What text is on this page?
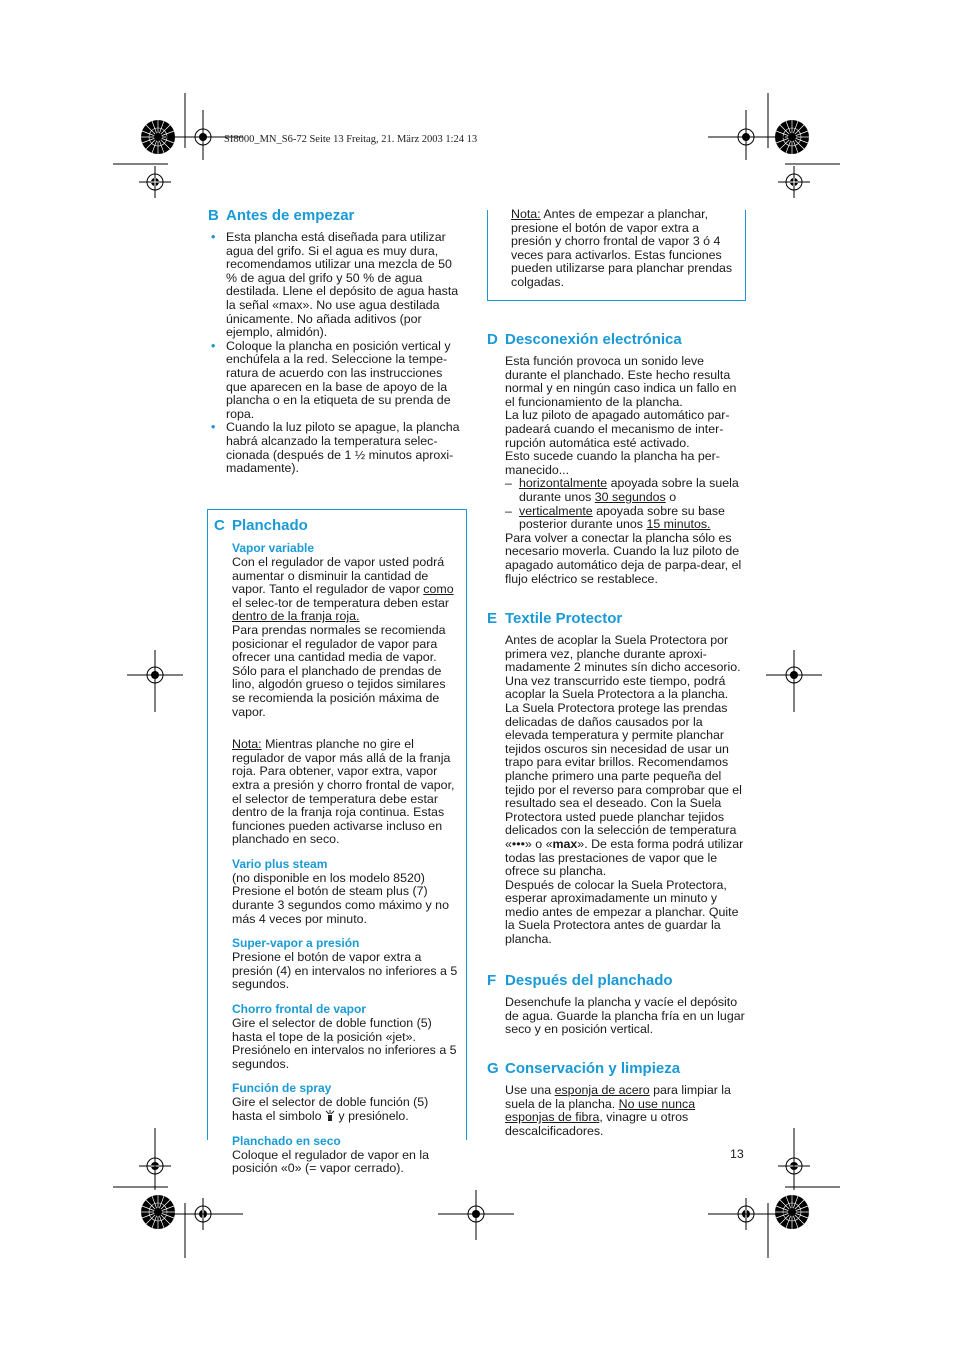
SI8000_MN_S6-72 Seite 13 Freitag, 21. März 2003 1:24 13
B Antes de empezar
• Esta plancha está diseñada para utilizar agua del grifo. Si el agua es muy dura, recomendamos utilizar una mezcla de 50 % de agua del grifo y 50 % de agua destilada. Llene el depósito de agua hasta la señal «max». No use agua destilada únicamente. No añada aditivos (por ejemplo, almidón).
• Coloque la plancha en posición vertical y enchúfela a la red. Seleccione la tempe-ratura de acuerdo con las instrucciones que aparecen en la base de apoyo de la plancha o en la etiqueta de su prenda de ropa.
• Cuando la luz piloto se apague, la plancha habrá alcanzado la temperatura selec-cionada (después de 1 ½ minutos aproxi-madamente).
C Planchado
Vapor variable

Con el regulador de vapor usted podrá aumentar o disminuir la cantidad de vapor. Tanto el regulador de vapor como el selec-tor de temperatura deben estar dentro de la franja roja.

Para prendas normales se recomienda posicionar el regulador de vapor para ofrecer una cantidad media de vapor. Sólo para el planchado de prendas de lino, algodón grueso o tejidos similares se recomienda la posición máxima de vapor.

Nota: Mientras planche no gire el regulador de vapor más allá de la franja roja. Para obtener, vapor extra, vapor extra a presión y chorro frontal de vapor, el selector de temperatura debe estar dentro de la franja roja continua. Estas funciones pueden activarse incluso en planchado en seco.

Vario plus steam

(no disponible en los modelo 8520) Presione el botón de steam plus (7) durante 3 segundos como máximo y no más 4 veces por minuto.

Super-vapor a presión

Presione el botón de vapor extra a presión (4) en intervalos no inferiores a 5 segundos.

Chorro frontal de vapor

Gire el selector de doble function (5) hasta el tope de la posición «jet». Presiónelo en intervalos no inferiores a 5 segundos.

Función de spray

Gire el selector de doble función (5) hasta el simbolo  y presiónelo.

Planchado en seco

Coloque el regulador de vapor en la posición «0» (= vapor cerrado).

Nota: Antes de empezar a planchar, presione el botón de vapor extra a presión y chorro frontal de vapor 3 ó 4 veces para activarlos. Estas funciones pueden utilizarse para planchar prendas colgadas.

D Desconexión electrónica

Esta función provoca un sonido leve durante el planchado. Este hecho resulta normal y en ningún caso indica un fallo en el funcionamiento de la plancha.

La luz piloto de apagado automático par-padeará cuando el mecanismo de inter-rupción automática esté activado.

Esto sucede cuando la plancha ha per-manecido...

– horizontalmente apoyada sobre la suela durante unos 30 segundos o
– verticalmente apoyada sobre su base posterior durante unos 15 minutos.

Para volver a conectar la plancha sólo es necesario moverla. Cuando la luz piloto de apagado automático deja de parpa-dear, el flujo eléctrico se restablece.

E Textile Protector

Antes de acoplar la Suela Protectora por primera vez, planche durante aproxi-madamente 2 minutes sín dicho accesorio. Una vez transcurrido este tiempo, podrá acoplar la Suela Protectora a la plancha. La Suela Protectora protege las prendas delicadas de daños causados por la elevada temperatura y permite planchar tejidos oscuros sin necesidad de usar un trapo para evitar brillos. Recomendamos planche primero una parte pequeña del tejido por el reverso para comprobar que el resultado sea el deseado. Con la Suela Protectora usted puede planchar tejidos delicados con la selección de temperatura «•••» o «max». De esta forma podrá utilizar todas las prestaciones de vapor que le ofrece su plancha.

Después de colocar la Suela Protectora, esperar aproximadamente un minuto y medio antes de empezar a planchar. Quite la Suela Protectora antes de guardar la plancha.

F Después del planchado

Desenchufe la plancha y vacíe el depósito de agua. Guarde la plancha fría en un lugar seco y en posición vertical.

G Conservación y limpieza

Use una esponja de acero para limpiar la suela de la plancha. No use nunca esponjas de fibra, vinagre u otros descalcificadores.

13
